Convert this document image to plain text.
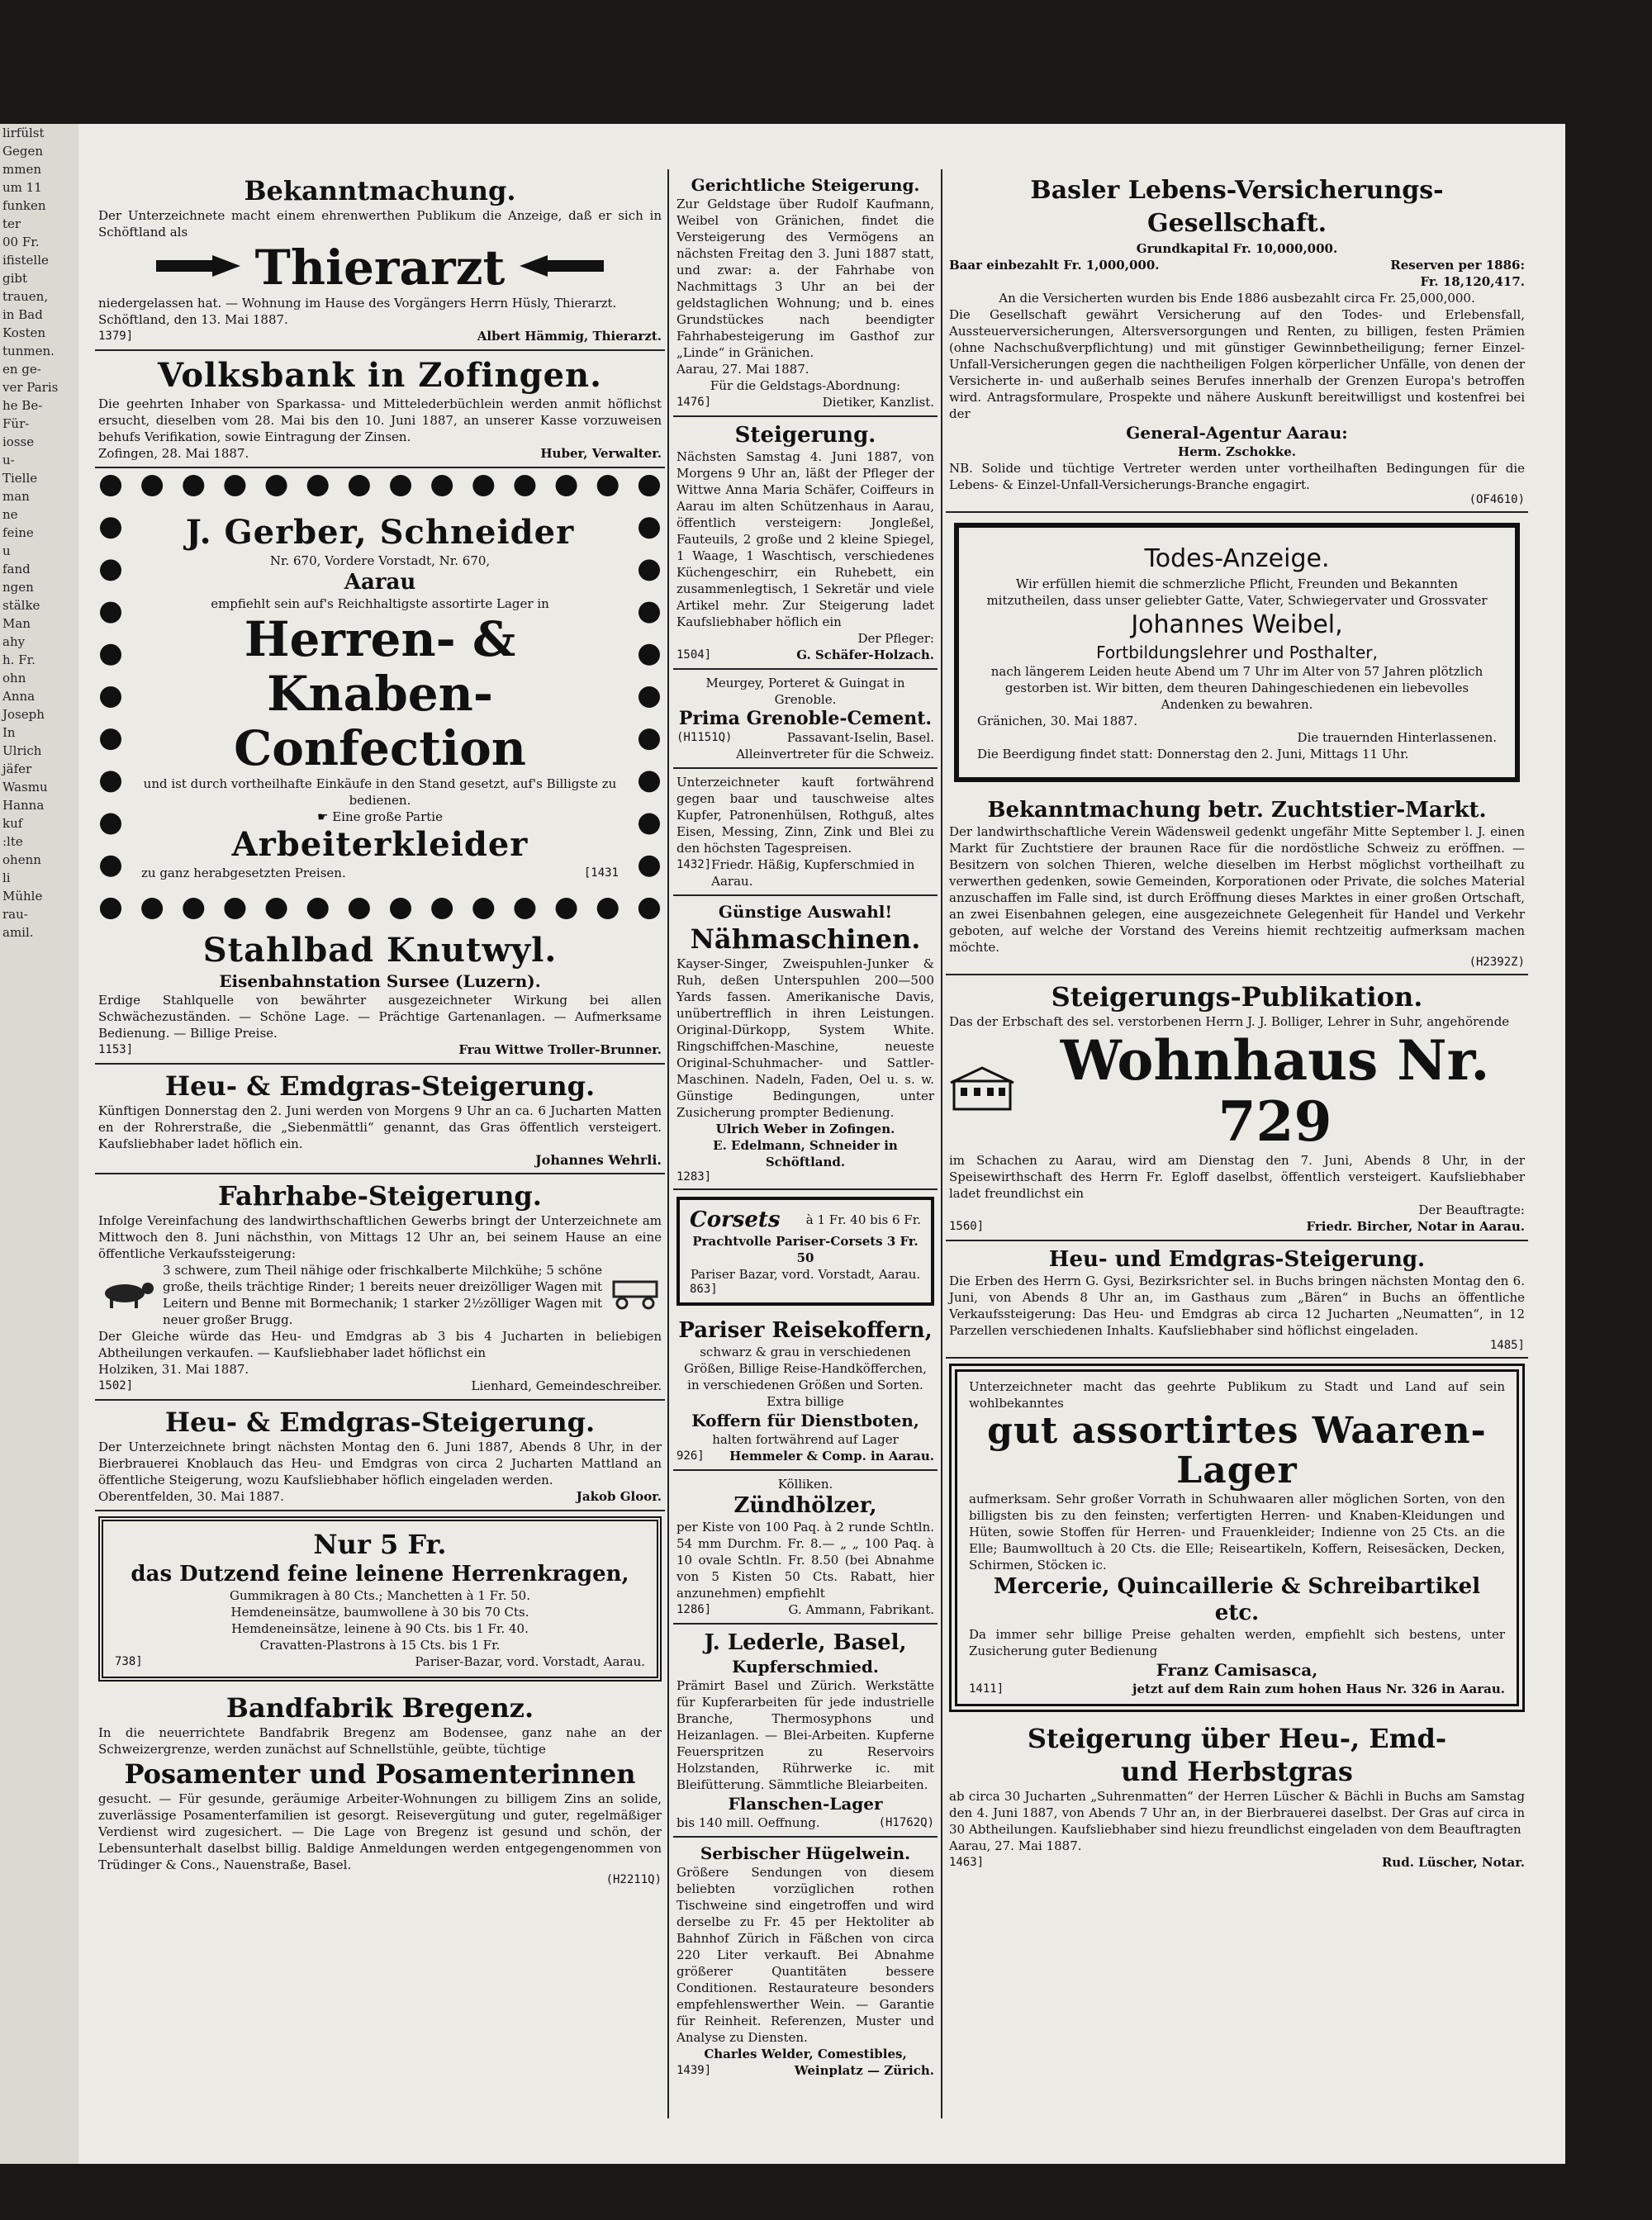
lirfülst
Gegen
mmen
um 11
funken
ter
00 Fr.
ifistelle
gibt
trauen,
in Bad
Kosten
tunmen.
en ge-
ver Paris
he Be-
Für-
iosse
u-
Tielle
man
ne
feine
u
fand
ngen
stälke
Man
ahy
h. Fr.
ohn
Anna
Joseph
In
Ulrich
jäfer
Wasmu
Hanna
kuf
:lte
ohenn
li
Mühle
rau-
amil.
Bekanntmachung.
Der Unterzeichnete macht einem ehrenwerthen Publikum die Anzeige, daß er sich in Schöftland als
Thierarzt
niedergelassen hat. — Wohnung im Hause des Vorgängers Herrn Hüsly, Thierarzt.
Schöftland, den 13. Mai 1887.
1379]	Albert Hämmig, Thierarzt.
Volksbank in Zofingen.
Die geehrten Inhaber von Sparkassa- und Mittelederbüchlein werden anmit höflichst ersucht, dieselben vom 28. Mai bis den 10. Juni 1887, an unserer Kasse vorzuweisen behufs Verifikation, sowie Eintragung der Zinsen.
Zofingen, 28. Mai 1887.	Huber, Verwalter.
J. Gerber, Schneider
Nr. 670, Vordere Vorstadt, Nr. 670,
Aarau
empfiehlt sein auf's Reichhaltigste assortirte Lager in
Herren- & Knaben-
Confection
und ist durch vortheilhafte Einkäufe in den Stand gesetzt, auf's Billigste zu bedienen.
☛ Eine große Partie
Arbeiterkleider
zu ganz herabgesetzten Preisen.	[1431
Stahlbad Knutwyl.
Eisenbahnstation Sursee (Luzern).
Erdige Stahlquelle von bewährter ausgezeichneter Wirkung bei allen Schwächezuständen. — Schöne Lage. — Prächtige Gartenanlagen. — Aufmerksame Bedienung. — Billige Preise.
1153]	Frau Wittwe Troller-Brunner.
Heu- & Emdgras-Steigerung.
Künftigen Donnerstag den 2. Juni werden von Morgens 9 Uhr an ca. 6 Jucharten Matten en der Rohrerstraße, die „Siebenmättli“ genannt, das Gras öffentlich versteigert. Kaufsliebhaber ladet höflich ein.
Johannes Wehrli.
Fahrhabe-Steigerung.
Infolge Vereinfachung des landwirthschaftlichen Gewerbs bringt der Unterzeichnete am Mittwoch den 8. Juni nächsthin, von Mittags 12 Uhr an, bei seinem Hause an eine öffentliche Verkaufssteigerung:
3 schwere, zum Theil nähige oder frischkalberte Milchkühe; 5 schöne große, theils trächtige Rinder; 1 bereits neuer dreizölliger Wagen mit Leitern und Benne mit Bormechanik; 1 starker 2½zölliger Wagen mit neuer großer Brugg.
Der Gleiche würde das Heu- und Emdgras ab 3 bis 4 Jucharten in beliebigen Abtheilungen verkaufen. — Kaufsliebhaber ladet höflichst ein
Holziken, 31. Mai 1887.
1502]	Lienhard, Gemeindeschreiber.
Heu- & Emdgras-Steigerung.
Der Unterzeichnete bringt nächsten Montag den 6. Juni 1887, Abends 8 Uhr, in der Bierbrauerei Knoblauch das Heu- und Emdgras von circa 2 Jucharten Mattland an öffentliche Steigerung, wozu Kaufsliebhaber höflich eingeladen werden.
Oberentfelden, 30. Mai 1887.	Jakob Gloor.
Nur 5 Fr.
das Dutzend feine leinene Herrenkragen,
Gummikragen à 80 Cts.; Manchetten à 1 Fr. 50.
Hemdeneinsätze, baumwollene à 30 bis 70 Cts.
Hemdeneinsätze, leinene à 90 Cts. bis 1 Fr. 40.
Cravatten-Plastrons à 15 Cts. bis 1 Fr.
738]	Pariser-Bazar, vord. Vorstadt, Aarau.
Bandfabrik Bregenz.
In die neuerrichtete Bandfabrik Bregenz am Bodensee, ganz nahe an der Schweizergrenze, werden zunächst auf Schnellstühle, geübte, tüchtige
Posamenter und Posamenterinnen
gesucht. — Für gesunde, geräumige Arbeiter-Wohnungen zu billigem Zins an solide, zuverlässige Posamenterfamilien ist gesorgt. Reisevergütung und guter, regelmäßiger Verdienst wird zugesichert. — Die Lage von Bregenz ist gesund und schön, der Lebensunterhalt daselbst billig. Baldige Anmeldungen werden entgegengenommen von Trüdinger & Cons., Nauenstraße, Basel.
(H2211Q)
Gerichtliche Steigerung.
Zur Geldstage über Rudolf Kaufmann, Weibel von Gränichen, findet die Versteigerung des Vermögens an nächsten Freitag den 3. Juni 1887 statt, und zwar: a. der Fahrhabe von Nachmittags 3 Uhr an bei der geldstaglichen Wohnung; und b. eines Grundstückes nach beendigter Fahrhabesteigerung im Gasthof zur „Linde“ in Gränichen.
Aarau, 27. Mai 1887.
Für die Geldstags-Abordnung:
1476]	Dietiker, Kanzlist.
Steigerung.
Nächsten Samstag 4. Juni 1887, von Morgens 9 Uhr an, läßt der Pfleger der Wittwe Anna Maria Schäfer, Coiffeurs in Aarau im alten Schützenhaus in Aarau, öffentlich versteigern: Jongleßel, Fauteuils, 2 große und 2 kleine Spiegel, 1 Waage, 1 Waschtisch, verschiedenes Küchengeschirr, ein Ruhebett, ein zusammenlegtisch, 1 Sekretär und viele Artikel mehr. Zur Steigerung ladet Kaufsliebhaber höflich ein
Der Pfleger:
1504]	G. Schäfer-Holzach.
Meurgey, Porteret & Guingat in Grenoble.
Prima Grenoble-Cement.
(H1151Q)	Passavant-Iselin, Basel.
Alleinvertreter für die Schweiz.
Unterzeichneter kauft fortwährend gegen baar und tauschweise altes Kupfer, Patronenhülsen, Rothguß, altes Eisen, Messing, Zinn, Zink und Blei zu den höchsten Tagespreisen.
1432] Friedr. Häßig, Kupferschmied in Aarau.
Günstige Auswahl!
Nähmaschinen.
Kayser-Singer, Zweispuhlen-Junker & Ruh, deßen Unterspuhlen 200—500 Yards fassen. Amerikanische Davis, unübertrefflich in ihren Leistungen. Original-Dürkopp, System White. Ringschiffchen-Maschine, neueste Original-Schuhmacher- und Sattler-Maschinen. Nadeln, Faden, Oel u. s. w. Günstige Bedingungen, unter Zusicherung prompter Bedienung.
Ulrich Weber in Zofingen.
E. Edelmann, Schneider in Schöftland.
1283]
Corsets à 1 Fr. 40 bis 6 Fr.
Prachtvolle Pariser-Corsets 3 Fr. 50
Pariser Bazar, vord. Vorstadt, Aarau.
863]
Pariser Reisekoffern,
schwarz & grau in verschiedenen Größen, Billige Reise-Handköfferchen, in verschiedenen Größen und Sorten. Extra billige
Koffern für Dienstboten,
halten fortwährend auf Lager
926] Hemmeler & Comp. in Aarau.
Kölliken.
Zündhölzer,
per Kiste von 100 Paq. à 2 runde Schtln. 54 mm Durchm. Fr. 8.— „ „ 100 Paq. à 10 ovale Schtln. Fr. 8.50 (bei Abnahme von 5 Kisten 50 Cts. Rabatt, hier anzunehmen) empfiehlt
1286]	G. Ammann, Fabrikant.
J. Lederle, Basel,
Kupferschmied.
Prämirt Basel und Zürich. Werkstätte für Kupferarbeiten für jede industrielle Branche, Thermosyphons und Heizanlagen. — Blei-Arbeiten. Kupferne Feuerspritzen zu Reservoirs Holzstanden, Rührwerke ic. mit Bleifütterung. Sämmtliche Bleiarbeiten.
Flanschen-Lager
bis 140 mill. Oeffnung.	(H1762Q)
Serbischer Hügelwein.
Größere Sendungen von diesem beliebten vorzüglichen rothen Tischweine sind eingetroffen und wird derselbe zu Fr. 45 per Hektoliter ab Bahnhof Zürich in Fäßchen von circa 220 Liter verkauft. Bei Abnahme größerer Quantitäten bessere Conditionen. Restaurateure besonders empfehlenswerther Wein. — Garantie für Reinheit. Referenzen, Muster und Analyse zu Diensten.
Charles Welder, Comestibles,
1439]	Weinplatz — Zürich.
Basler Lebens-Versicherungs-Gesellschaft.
Grundkapital Fr. 10,000,000.
Baar einbezahlt Fr. 1,000,000.	Reserven per 1886:
Fr. 18,120,417.
An die Versicherten wurden bis Ende 1886 ausbezahlt circa Fr. 25,000,000.
Die Gesellschaft gewährt Versicherung auf den Todes- und Erlebensfall, Aussteuerversicherungen, Altersversorgungen und Renten, zu billigen, festen Prämien (ohne Nachschußverpflichtung) und mit günstiger Gewinnbetheiligung; ferner Einzel-Unfall-Versicherungen gegen die nachtheiligen Folgen körperlicher Unfälle, von denen der Versicherte in- und außerhalb seines Berufes innerhalb der Grenzen Europa's betroffen wird. Antragsformulare, Prospekte und nähere Auskunft bereitwilligst und kostenfrei bei der
General-Agentur Aarau:
Herm. Zschokke.
NB. Solide und tüchtige Vertreter werden unter vortheilhaften Bedingungen für die Lebens- & Einzel-Unfall-Versicherungs-Branche engagirt.
(OF4610)
Todes-Anzeige.
Wir erfüllen hiemit die schmerzliche Pflicht, Freunden und Bekannten mitzutheilen, dass unser geliebter Gatte, Vater, Schwiegervater und Grossvater
Johannes Weibel,
Fortbildungslehrer und Posthalter,
nach längerem Leiden heute Abend um 7 Uhr im Alter von 57 Jahren plötzlich gestorben ist. Wir bitten, dem theuren Dahingeschiedenen ein liebevolles Andenken zu bewahren.
Gränichen, 30. Mai 1887.
Die trauernden Hinterlassenen.
Die Beerdigung findet statt: Donnerstag den 2. Juni, Mittags 11 Uhr.
Bekanntmachung betr. Zuchtstier-Markt.
Der landwirthschaftliche Verein Wädensweil gedenkt ungefähr Mitte September l. J. einen Markt für Zuchtstiere der braunen Race für die nordöstliche Schweiz zu eröffnen. — Besitzern von solchen Thieren, welche dieselben im Herbst möglichst vortheilhaft zu verwerthen gedenken, sowie Gemeinden, Korporationen oder Private, die solches Material anzuschaffen im Falle sind, ist durch Eröffnung dieses Marktes in einer großen Ortschaft, an zwei Eisenbahnen gelegen, eine ausgezeichnete Gelegenheit für Handel und Verkehr geboten, auf welche der Vorstand des Vereins hiemit rechtzeitig aufmerksam machen möchte.
(H2392Z)
Steigerungs-Publikation.
Das der Erbschaft des sel. verstorbenen Herrn J. J. Bolliger, Lehrer in Suhr, angehörende
Wohnhaus Nr. 729
im Schachen zu Aarau, wird am Dienstag den 7. Juni, Abends 8 Uhr, in der Speisewirthschaft des Herrn Fr. Egloff daselbst, öffentlich versteigert. Kaufsliebhaber ladet freundlichst ein
Der Beauftragte:
1560]	Friedr. Bircher, Notar in Aarau.
Heu- und Emdgras-Steigerung.
Die Erben des Herrn G. Gysi, Bezirksrichter sel. in Buchs bringen nächsten Montag den 6. Juni, von Abends 8 Uhr an, im Gasthaus zum „Bären“ in Buchs an öffentliche Verkaufssteigerung: Das Heu- und Emdgras ab circa 12 Jucharten „Neumatten“, in 12 Parzellen verschiedenen Inhalts. Kaufsliebhaber sind höflichst eingeladen.
1485]
Unterzeichneter macht das geehrte Publikum zu Stadt und Land auf sein wohlbekanntes
gut assortirtes Waaren-Lager
aufmerksam. Sehr großer Vorrath in Schuhwaaren aller möglichen Sorten, von den billigsten bis zu den feinsten; verfertigten Herren- und Knaben-Kleidungen und Hüten, sowie Stoffen für Herren- und Frauenkleider; Indienne von 25 Cts. an die Elle; Baumwolltuch à 20 Cts. die Elle; Reiseartikeln, Koffern, Reisesäcken, Decken, Schirmen, Stöcken ic.
Mercerie, Quincaillerie & Schreibartikel etc.
Da immer sehr billige Preise gehalten werden, empfiehlt sich bestens, unter Zusicherung guter Bedienung
Franz Camisasca,
1411]	jetzt auf dem Rain zum hohen Haus Nr. 326 in Aarau.
Steigerung über Heu-, Emd-
und Herbstgras
ab circa 30 Jucharten „Suhrenmatten“ der Herren Lüscher & Bächli in Buchs am Samstag den 4. Juni 1887, von Abends 7 Uhr an, in der Bierbrauerei daselbst. Der Gras auf circa in 30 Abtheilungen. Kaufsliebhaber sind hiezu freundlichst eingeladen von dem Beauftragten
Aarau, 27. Mai 1887.
1463]	Rud. Lüscher, Notar.
